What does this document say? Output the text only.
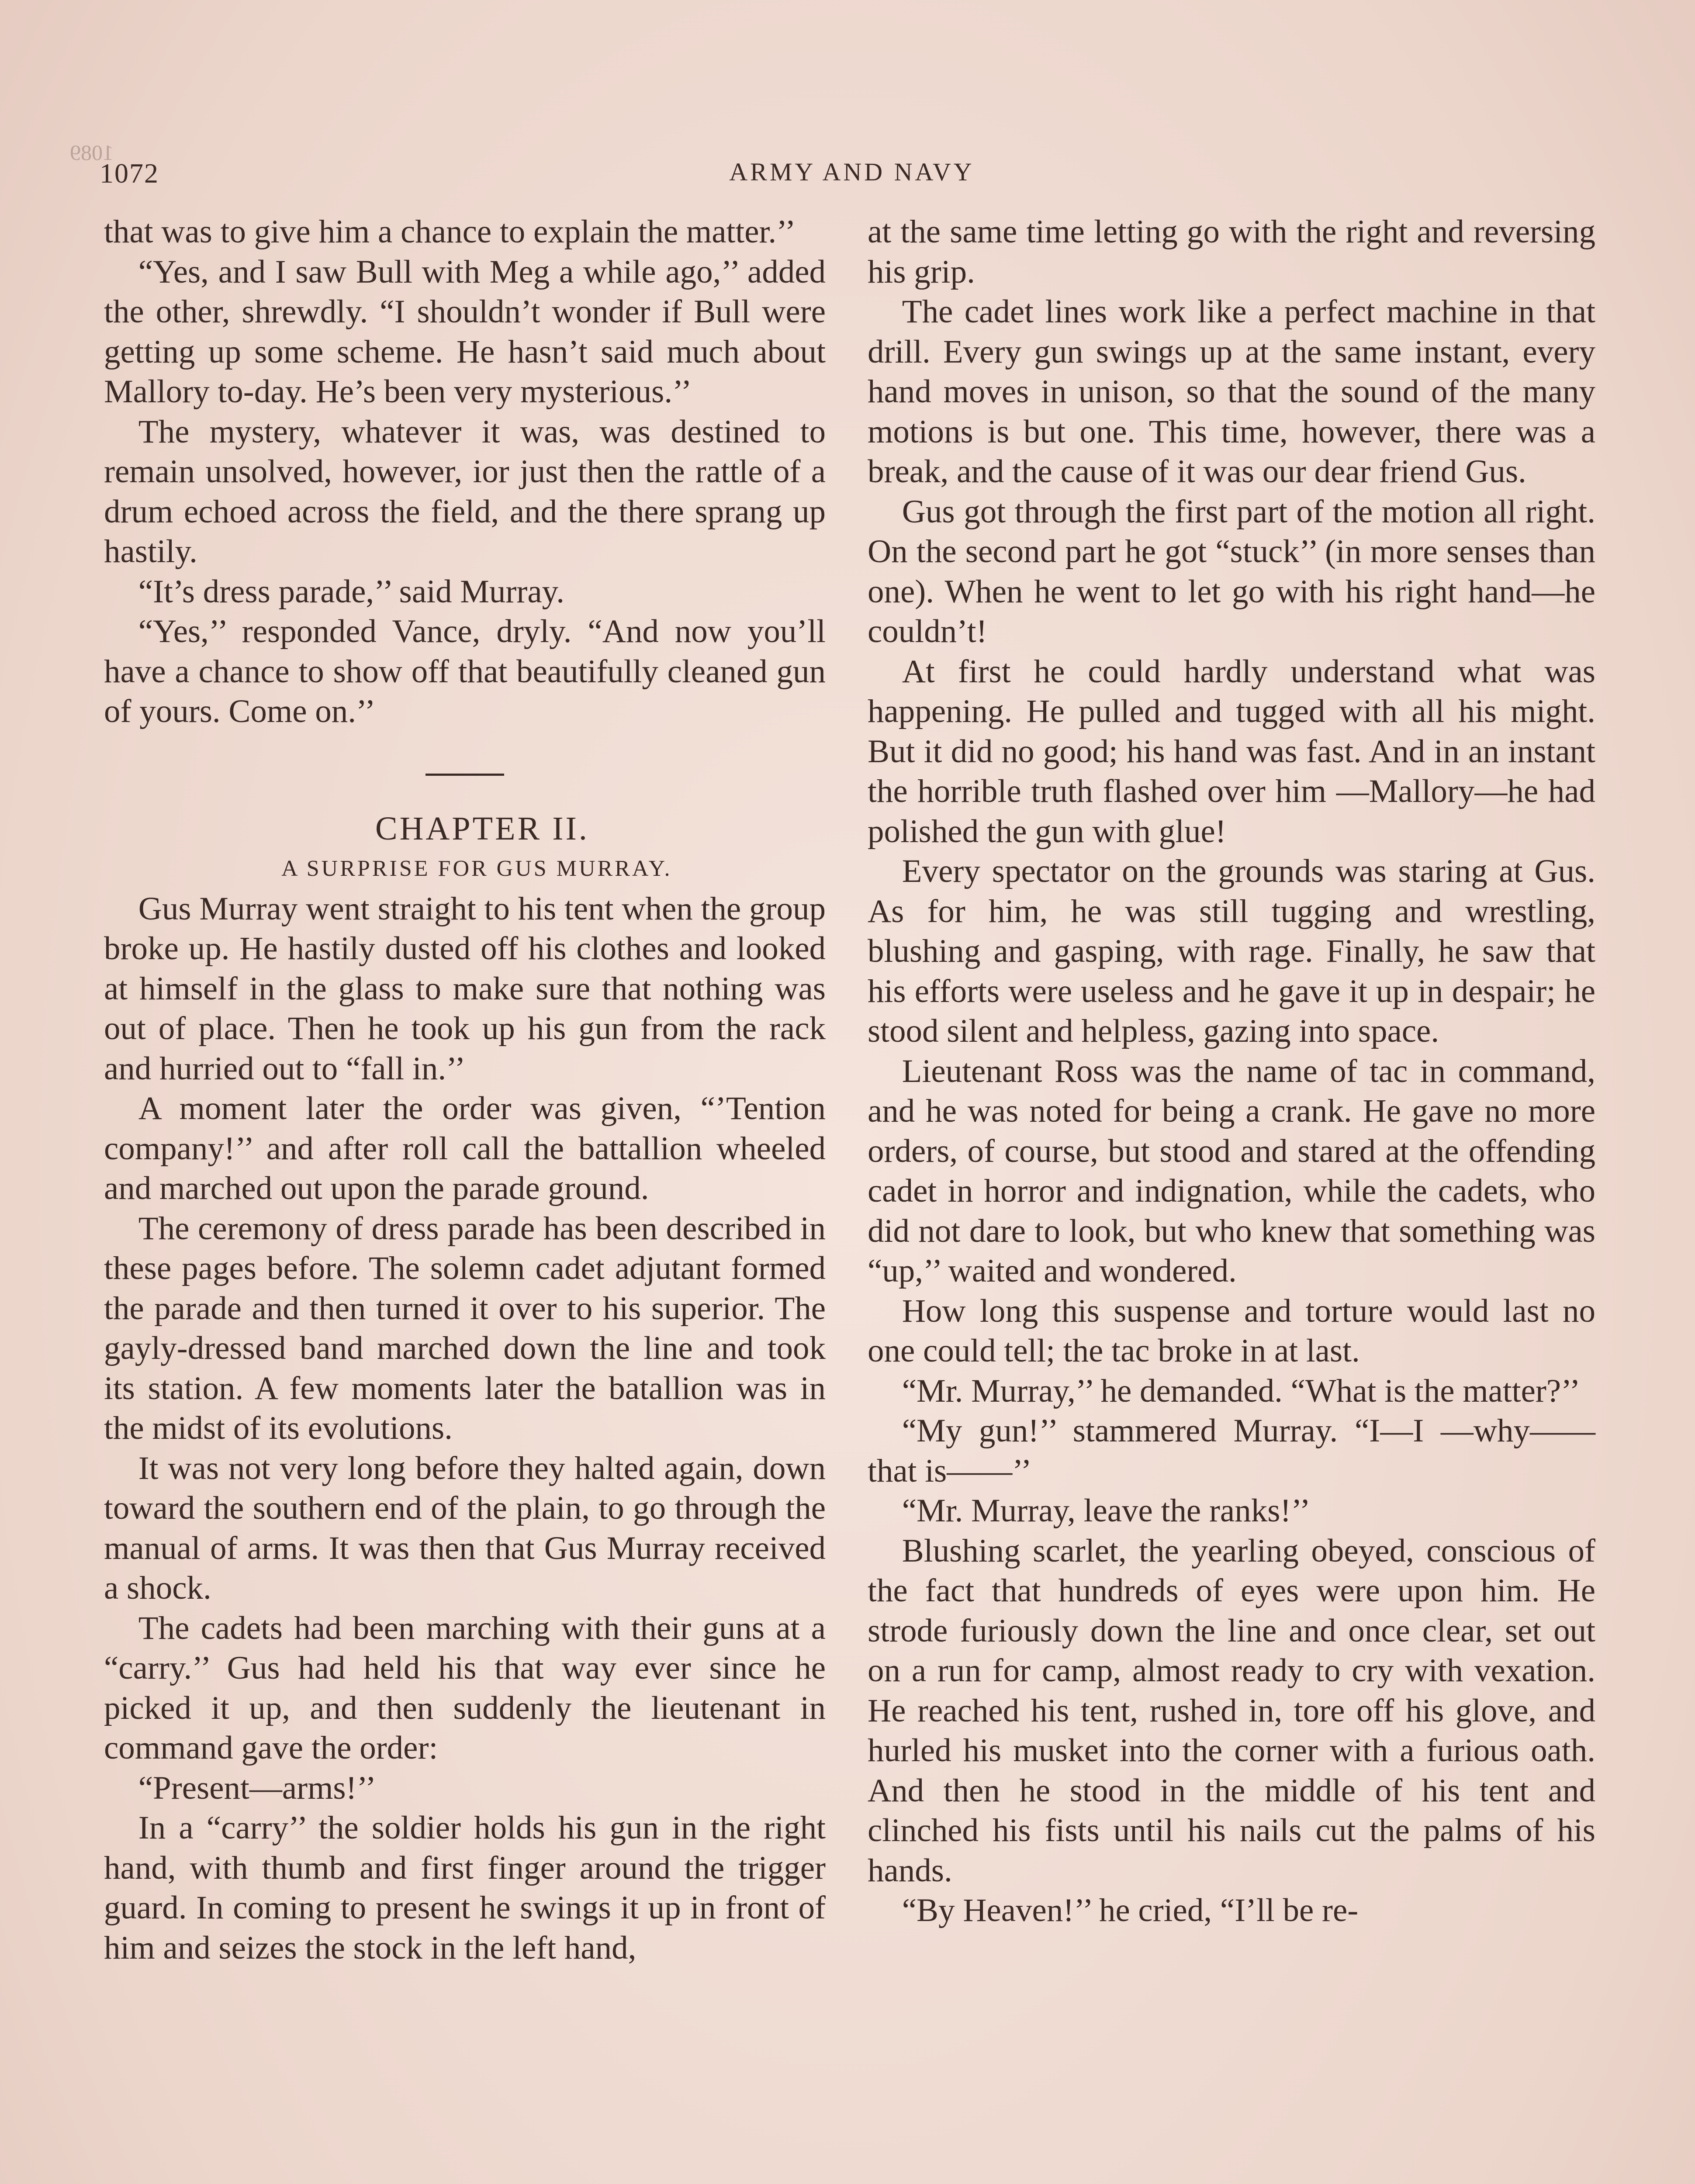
1089
1072	ARMY AND NAVY

that was to give him a chance to explain the matter.’’

“Yes, and I saw Bull with Meg a while ago,’’ added the other, shrewdly. “I shouldn’t wonder if Bull were getting up some scheme. He hasn’t said much about Mallory to-day. He’s been very mysterious.’’

The mystery, whatever it was, was destined to remain unsolved, however, ior just then the rattle of a drum echoed across the field, and the there sprang up hastily.

“It’s dress parade,’’ said Murray.

“Yes,’’ responded Vance, dryly. “And now you’ll have a chance to show off that beautifully cleaned gun of yours. Come on.’’

CHAPTER II.

A SURPRISE FOR GUS MURRAY.

Gus Murray went straight to his tent when the group broke up. He hastily dusted off his clothes and looked at himself in the glass to make sure that nothing was out of place. Then he took up his gun from the rack and hurried out to “fall in.’’

A moment later the order was given, “’Tention company!’’ and after roll call the battallion wheeled and marched out upon the parade ground.

The ceremony of dress parade has been described in these pages before. The solemn cadet adjutant formed the parade and then turned it over to his superior. The gayly-dressed band marched down the line and took its station. A few moments later the batallion was in the midst of its evolutions.

It was not very long before they halted again, down toward the southern end of the plain, to go through the manual of arms. It was then that Gus Murray received a shock.

The cadets had been marching with their guns at a “carry.’’ Gus had held his that way ever since he picked it up, and then suddenly the lieutenant in command gave the order:

“Present—arms!’’

In a “carry’’ the soldier holds his gun in the right hand, with thumb and first finger around the trigger guard. In coming to present he swings it up in front of him and seizes the stock in the left hand,

at the same time letting go with the right and reversing his grip.

The cadet lines work like a perfect machine in that drill. Every gun swings up at the same instant, every hand moves in unison, so that the sound of the many motions is but one. This time, however, there was a break, and the cause of it was our dear friend Gus.

Gus got through the first part of the motion all right. On the second part he got “stuck’’ (in more senses than one). When he went to let go with his right hand—he couldn’t!

At first he could hardly understand what was happening. He pulled and tugged with all his might. But it did no good; his hand was fast. And in an instant the horrible truth flashed over him —Mallory—he had polished the gun with glue!

Every spectator on the grounds was staring at Gus. As for him, he was still tugging and wrestling, blushing and gasping, with rage. Finally, he saw that his efforts were useless and he gave it up in despair; he stood silent and helpless, gazing into space.

Lieutenant Ross was the name of tac in command, and he was noted for being a crank. He gave no more orders, of course, but stood and stared at the offending cadet in horror and indignation, while the cadets, who did not dare to look, but who knew that something was “up,’’ waited and wondered.

How long this suspense and torture would last no one could tell; the tac broke in at last.

“Mr. Murray,’’ he demanded. “What is the matter?’’

“My gun!’’ stammered Murray. “I—I —why——that is——’’

“Mr. Murray, leave the ranks!’’

Blushing scarlet, the yearling obeyed, conscious of the fact that hundreds of eyes were upon him. He strode furiously down the line and once clear, set out on a run for camp, almost ready to cry with vexation. He reached his tent, rushed in, tore off his glove, and hurled his musket into the corner with a furious oath. And then he stood in the middle of his tent and clinched his fists until his nails cut the palms of his hands.

“By Heaven!’’ he cried, “I’ll be re-
